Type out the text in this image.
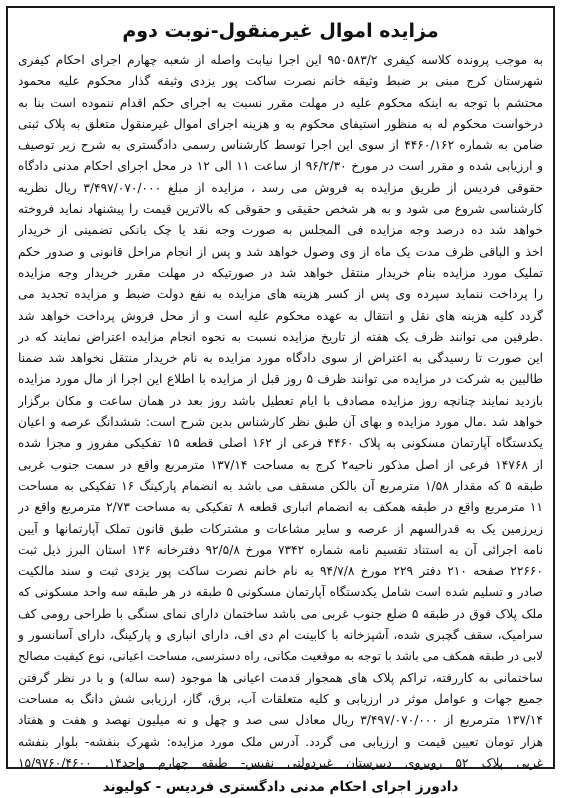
مزایده اموال غیرمنقول-نوبت دوم
به موجب پرونده کلاسه کیفری ۹۵۰۵۸۳/۲ این اجرا نیابت واصله از شعبه چهارم اجرای احکام کیفری
شهرستان کرج مبنی بر ضبط وثیقه خانم نصرت ساکت پور یزدی وثیقه گذار محکوم علیه محمود
محتشم با توجه به اینکه محکوم علیه در مهلت مقرر نسبت به اجرای حکم اقدام ننموده است بنا به
درخواست محکوم له به منظور استیفای محکوم به و هزینه اجرای اموال غیرمنقول متعلق به پلاک ثبتی
ضامن به شماره ۴۴۶۰/۱۶۲ از سوی این اجرا توسط کارشناس رسمی دادگستری به شرح زیر توصیف
و ارزیابی شده و مقرر است در مورخ ۹۶/۲/۳۰ از ساعت ۱۱ الی ۱۲ در محل اجرای احکام مدنی دادگاه
حقوقی فردیس از طریق مزایده به فروش می رسد ، مزایده از مبلغ ۳/۴۹۷/۰۷۰/۰۰۰ ریال نظریه
کارشناسی شروع می شود و به هر شخص حقیقی و حقوقی که بالاترین قیمت را پیشنهاد نماید فروخته
خواهد شد ده درصد وجه مزایده فی المجلس به صورت وجه نقد یا چک بانکی تضمینی از خریدار
اخذ و الباقی ظرف مدت یک ماه از وی وصول خواهد شد و پس از انجام مراحل قانونی و صدور حکم
تملیک مورد مزایده بنام خریدار منتقل خواهد شد در صورتیکه در مهلت مقرر خریدار وجه مزایده
را پرداخت ننماید سپرده وی پس از کسر هزینه های مزایده به نفع دولت ضبط و مزایده تجدید می
گردد کلیه هزینه های نقل و انتقال به عهده محکوم علیه است و از محل فروش پرداخت خواهد شد
.طرفین می توانند ظرف یک هفته از تاریخ مزایده نسبت به نحوه انجام مزایده اعتراض نمایند که در
این صورت تا رسیدگی به اعتراض از سوی دادگاه مورد مزایده به نام خریدار منتقل نخواهد شد ضمنا
طالبین به شرکت در مزایده می توانند ظرف ۵ روز قبل از مزایده با اطلاع این اجرا از مال مورد مزایده
بازدید نمایند چنانچه روز مزایده مصادف با ایام تعطیل باشد روز بعد در همان ساعت و مکان برگزار
خواهد شد .مال مورد مزایده و بهای آن طبق نظر کارشناس بدین شرح است: ششدانگ عرصه و اعیان
یکدستگاه آپارتمان مسکونی به پلاک ۴۴۶۰ فرعی از ۱۶۲ اصلی قطعه ۱۵ تفکیکی مفروز و مجزا شده
از ۱۴۷۶۸ فرعی از اصل مذکور ناحیه۲ کرج به مساحت ۱۳۷/۱۴ مترمربع واقع در سمت جنوب غربی
طبقه ۵ که مقدار ۱/۵۸ مترمربع آن بالکن مسقف می باشد به انضمام پارکینگ ۱۶ تفکیکی به مساحت
۱۱ مترمربع واقع در طبقه همکف به انضمام انباری قطعه ۸ تفکیکی به مساحت ۲/۷۳ مترمربع واقع در
زیرزمین یک به قدرالسهم از عرصه و سایر مشاعات و مشترکات طبق قانون تملک آپارتمانها و آیین
نامه اجرائی آن به استناد تقسیم نامه شماره ۷۳۴۲ مورخ ۹۲/۵/۸ دفترخانه ۱۳۶ استان البرز ذیل ثبت
۲۲۶۶۰ صفحه ۲۱۰ دفتر ۲۲۹ مورخ ۹۴/۷/۸ به نام خانم نصرت ساکت پور یزدی ثبت و سند مالکیت
صادر و تسلیم شده است شامل یکدستگاه آپارتمان مسکونی ۵ طبقه در هر طبقه سه واحد مسکونی که
ملک پلاک فوق در طبقه ۵ ضلع جنوب غربی می باشد ساختمان دارای نمای سنگی با طراحی رومی کف
سرامیک، سقف گچبری شده، آشپزخانه با کابینت ام دی اف، دارای انباری و پارکینگ، دارای آسانسور و
لابی در طبقه همکف می باشد با توجه به موقعیت مکانی، راه دسترسی، مساحت اعیانی، نوع کیفیت مصالح
ساختمانی به کاررفته، تراکم پلاک های همجوار قدمت اعیانی ها موجود (سه ساله) و با در نظر گرفتن
جمیع جهات و عوامل موثر در ارزیابی و کلیه متعلقات آب، برق، گاز، ارزیابی شش دانگ به مساحت
۱۳۷/۱۴ مترمربع از ۳/۴۹۷/۰۷۰/۰۰۰ ریال معادل سی صد و چهل و نه میلیون نهصد و هفت و هفتاد
هزار تومان تعیین قیمت و ارزیابی می گردد. آدرس ملک مورد مزایده: شهرک بنفشه- بلوار بنفشه
غربی پلاک ۵۲ روبروی دبیرستان غیردولتی نفیس- طبقه چهارم واحد۱۴. ۱۵/۹۷۶۰/۴۶۰۰
دادورز اجرای احکام مدنی دادگستری فردیس - کولیوند
